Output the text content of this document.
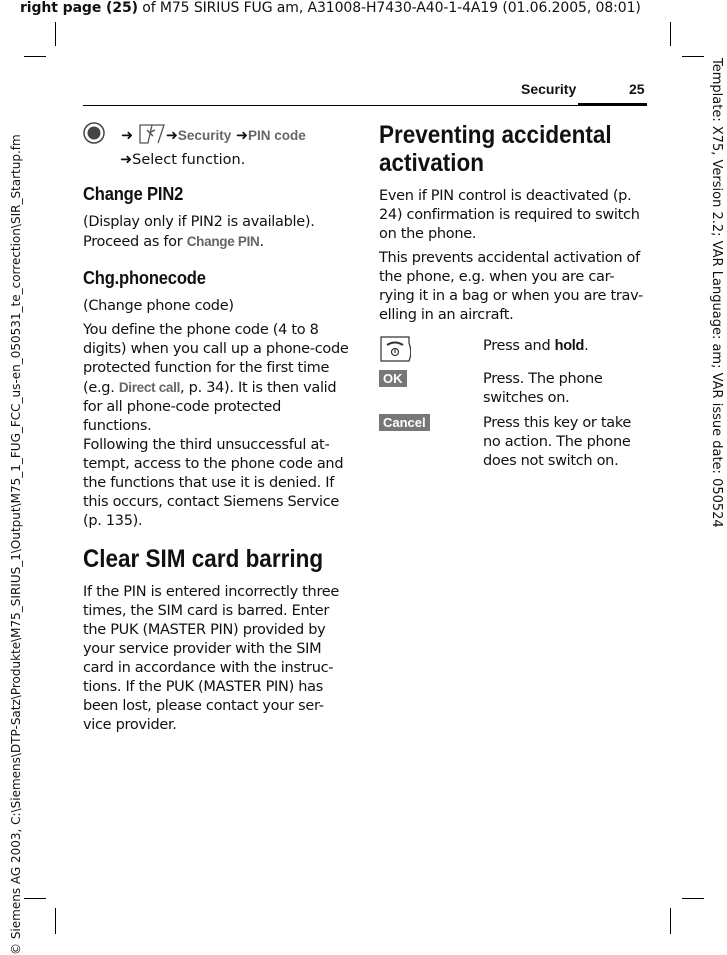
right page (25) of M75 SIRIUS FUG am, A31008-H7430-A40-1-4A19 (01.06.2005, 08:01)
Template: X75, Version 2.2; VAR Language: am; VAR issue date: 050524
© Siemens AG 2003, C:\Siemens\DTP-Satz\Produkte\M75_SIRIUS_1\Output\M75_1_FUG_FCC_us-en_050531_te_correction\SIR_Startup.fm
Security	25
➜ ➜Security ➜PIN code
➜Select function.
Change PIN2

(Display only if PIN2 is available). Proceed as for Change PIN.

Chg.phonecode

(Change phone code)

You define the phone code (4 to 8 digits) when you call up a phone-code protected function for the first time (e.g. Direct call, p. 34). It is then valid for all phone-code protected functions.

Following the third unsuccessful at-tempt, access to the phone code and the functions that use it is denied. If this occurs, contact Siemens Service (p. 135).

Clear SIM card barring

If the PIN is entered incorrectly three times, the SIM card is barred. Enter the PUK (MASTER PIN) provided by your service provider with the SIM card in accordance with the instruc-tions. If the PUK (MASTER PIN) has been lost, please contact your ser-vice provider.

Preventing accidental activation

Even if PIN control is deactivated (p. 24) confirmation is required to switch on the phone.

This prevents accidental activation of the phone, e.g. when you are car-rying it in a bag or when you are trav-elling in an aircraft.

Press and hold.
OK	Press. The phone switches on.
Cancel	Press this key or take no action. The phone does not switch on.
